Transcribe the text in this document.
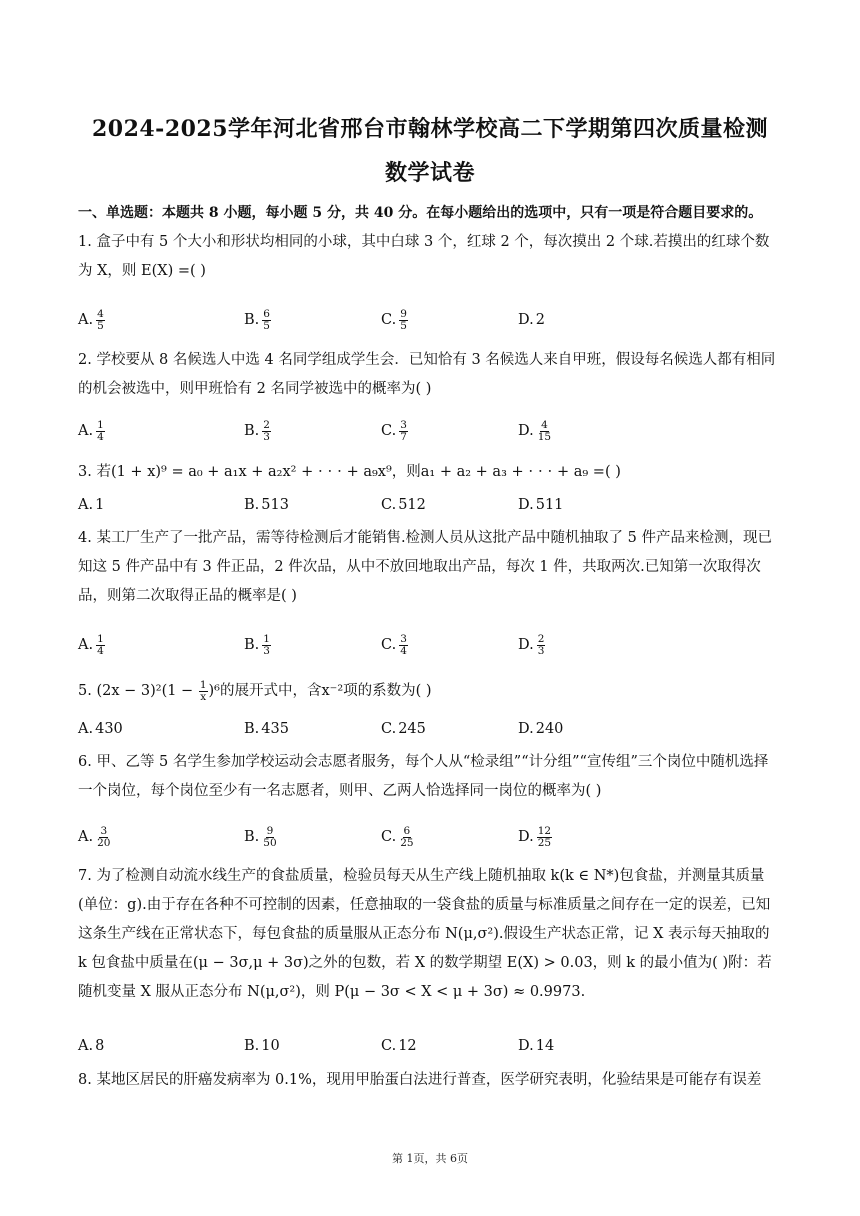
2024-2025学年河北省邢台市翰林学校高二下学期第四次质量检测
数学试卷
一、单选题：本题共 8 小题，每小题 5 分，共 40 分。在每小题给出的选项中，只有一项是符合题目要求的。
1. 盒子中有 5 个大小和形状均相同的小球，其中白球 3 个，红球 2 个，每次摸出 2 个球.若摸出的红球个数为 X，则 E(X) =( )
A. $\frac{4}{5}$	B. $\frac{6}{5}$	C. $\frac{9}{5}$	D. 2
2. 学校要从 8 名候选人中选 4 名同学组成学生会．已知恰有 3 名候选人来自甲班，假设每名候选人都有相同的机会被选中，则甲班恰有 2 名同学被选中的概率为( )
A. $\frac{1}{4}$	B. $\frac{2}{3}$	C. $\frac{3}{7}$	D. $\frac{4}{15}$
3. 若(1 + x)⁹ = a₀ + a₁x + a₂x² + ⋅ ⋅ ⋅ + a₉x⁹，则a₁ + a₂ + a₃ + ⋅ ⋅ ⋅ + a₉ =( )
A. 1	B. 513	C. 512	D. 511
4. 某工厂生产了一批产品，需等待检测后才能销售.检测人员从这批产品中随机抽取了 5 件产品来检测，现已知这 5 件产品中有 3 件正品，2 件次品，从中不放回地取出产品，每次 1 件，共取两次.已知第一次取得次品，则第二次取得正品的概率是( )
A. $\frac{1}{4}$	B. $\frac{1}{3}$	C. $\frac{3}{4}$	D. $\frac{2}{3}$
5. $(2x - 3)^2(1 - \frac{1}{x} )^6$的展开式中，含x⁻²项的系数为( )
A. 430	B. 435	C. 245	D. 240
6. 甲、乙等 5 名学生参加学校运动会志愿者服务，每个人从“检录组”“计分组”“宣传组”三个岗位中随机选择一个岗位，每个岗位至少有一名志愿者，则甲、乙两人恰选择同一岗位的概率为( )
A. $\frac{3}{20}$	B. $\frac{9}{50}$	C. $\frac{6}{25}$	D. $\frac{12}{25}$
7. 为了检测自动流水线生产的食盐质量，检验员每天从生产线上随机抽取 k(k ∈ N*)包食盐，并测量其质量(单位：g).由于存在各种不可控制的因素，任意抽取的一袋食盐的质量与标准质量之间存在一定的误差，已知这条生产线在正常状态下，每包食盐的质量服从正态分布 N(μ,σ²).假设生产状态正常，记 X 表示每天抽取的 k 包食盐中质量在(μ − 3σ,μ + 3σ)之外的包数，若 X 的数学期望 E(X) > 0.03，则 k 的最小值为( )附：若随机变量 X 服从正态分布 N(μ,σ²)，则 P(μ − 3σ < X < μ + 3σ) ≈ 0.9973.
A. 8	B. 10	C. 12	D. 14
8. 某地区居民的肝癌发病率为 0.1%，现用甲胎蛋白法进行普查，医学研究表明，化验结果是可能存有误差
第 1页，共 6页
